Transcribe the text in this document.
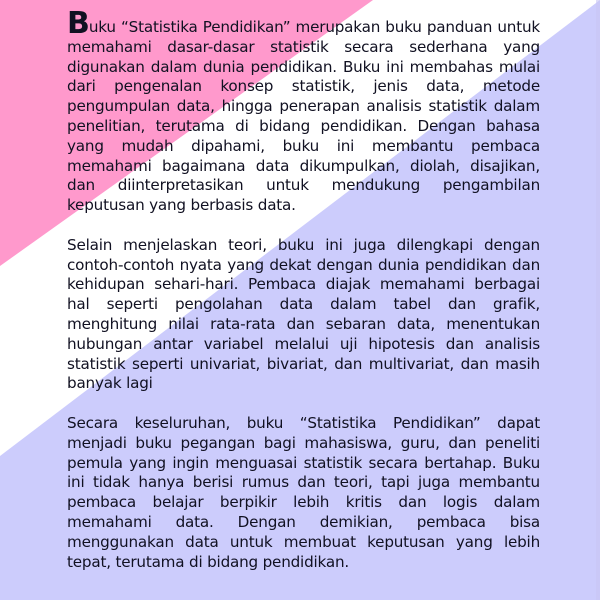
Buku “Statistika Pendidikan” merupakan buku panduan untuk memahami dasar-dasar statistik secara sederhana yang digunakan dalam dunia pendidikan. Buku ini membahas mulai dari pengenalan konsep statistik, jenis data, metode pengumpulan data, hingga penerapan analisis statistik dalam penelitian, terutama di bidang pendidikan. Dengan bahasa yang mudah dipahami, buku ini membantu pembaca memahami bagaimana data dikumpulkan, diolah, disajikan, dan diinterpretasikan untuk mendukung pengambilan keputusan yang berbasis data.

Selain menjelaskan teori, buku ini juga dilengkapi dengan contoh-contoh nyata yang dekat dengan dunia pendidikan dan kehidupan sehari-hari. Pembaca diajak memahami berbagai hal seperti pengolahan data dalam tabel dan grafik, menghitung nilai rata-rata dan sebaran data, menentukan hubungan antar variabel melalui uji hipotesis dan analisis statistik seperti univariat, bivariat, dan multivariat, dan masih banyak lagi

Secara keseluruhan, buku “Statistika Pendidikan” dapat menjadi buku pegangan bagi mahasiswa, guru, dan peneliti pemula yang ingin menguasai statistik secara bertahap. Buku ini tidak hanya berisi rumus dan teori, tapi juga membantu pembaca belajar berpikir lebih kritis dan logis dalam memahami data. Dengan demikian, pembaca bisa menggunakan data untuk membuat keputusan yang lebih tepat, terutama di bidang pendidikan.
